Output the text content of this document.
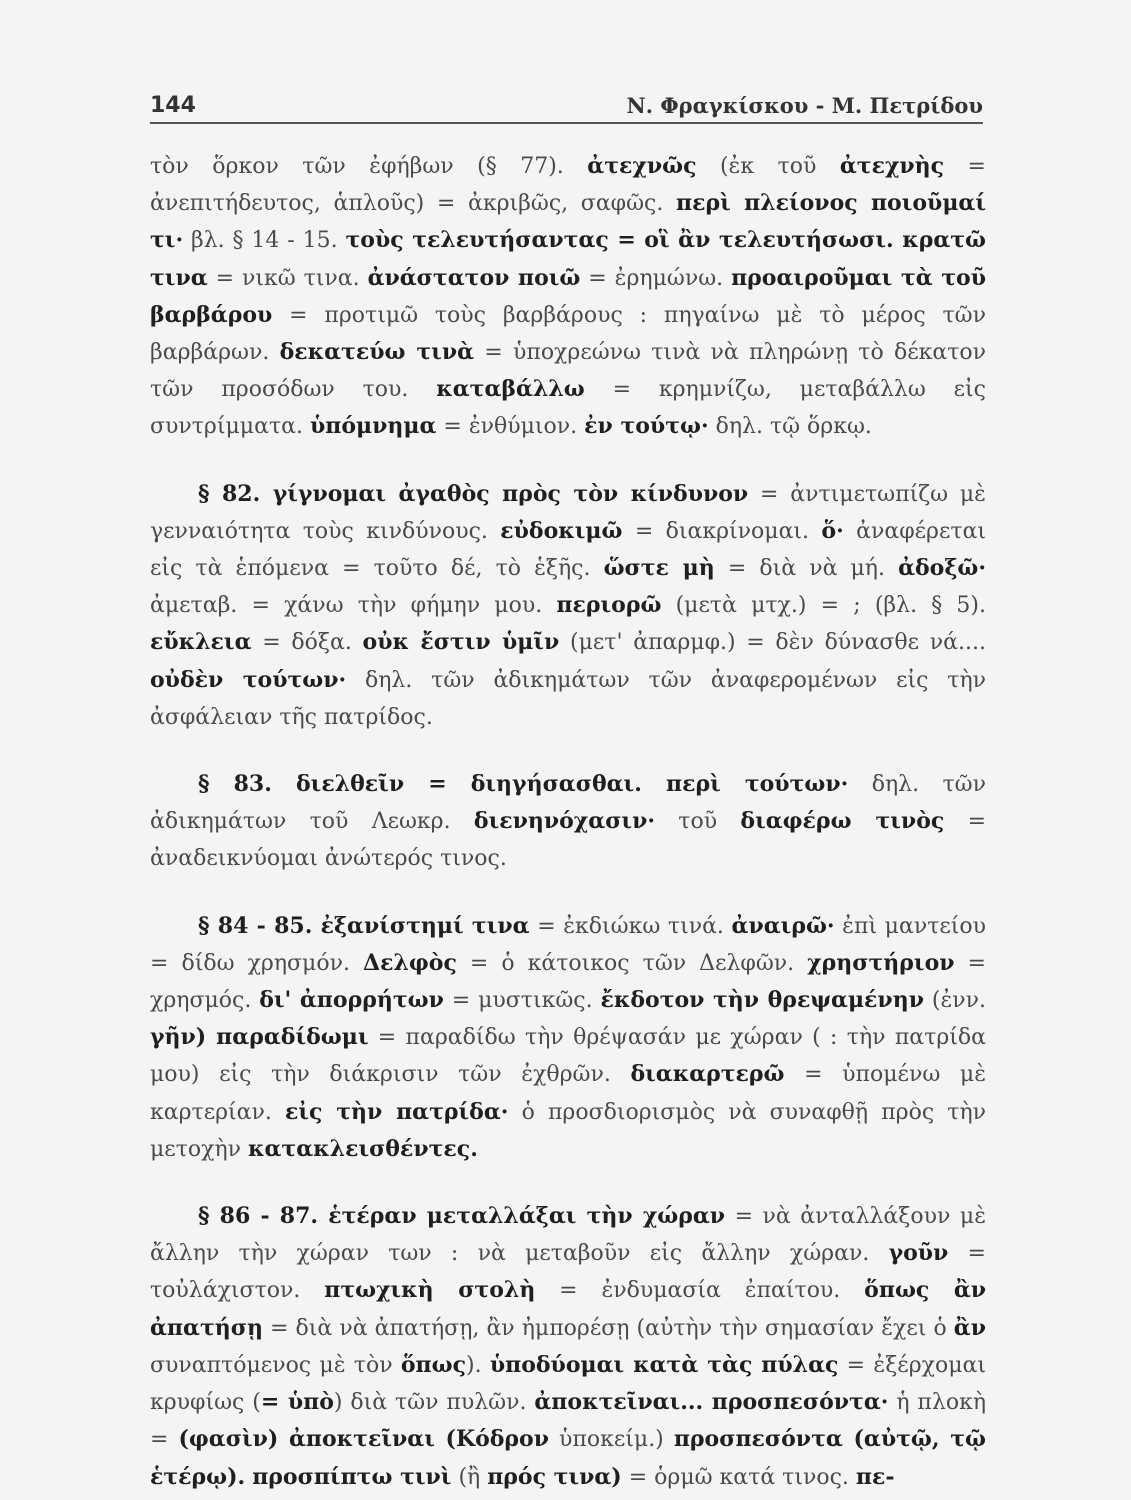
144	Ν. Φραγκίσκου - Μ. Πετρίδου

τὸν ὅρκον τῶν ἐφήβων (§ 77). ἀτεχνῶς (ἐκ τοῦ ἀτεχνὴς = ἀνεπιτήδευτος, ἁπλοῦς) = ἀκριβῶς, σαφῶς. περὶ πλείονος ποιοῦμαί τι· βλ. § 14 - 15. τοὺς τελευτήσαντας = οἳ ἂν τελευτήσωσι. κρατῶ τινα = νικῶ τινα. ἀνάστατον ποιῶ = ἐρημώνω. προαιροῦμαι τὰ τοῦ βαρβάρου = προτιμῶ τοὺς βαρβάρους : πηγαίνω μὲ τὸ μέρος τῶν βαρβάρων. δεκατεύω τινὰ = ὑποχρεώνω τινὰ νὰ πληρώνῃ τὸ δέκατον τῶν προσόδων του. καταβάλλω = κρημνίζω, μεταβάλλω εἰς συντρίμματα. ὑπόμνημα = ἐνθύμιον. ἐν τούτῳ· δηλ. τῷ ὅρκῳ.

§ 82. γίγνομαι ἀγαθὸς πρὸς τὸν κίνδυνον = ἀντιμετωπίζω μὲ γενναιότητα τοὺς κινδύνους. εὐδοκιμῶ = διακρίνομαι. ὅ· ἀναφέρεται εἰς τὰ ἑπόμενα = τοῦτο δέ, τὸ ἑξῆς. ὥστε μὴ = διὰ νὰ μή. ἀδοξῶ· ἀμεταβ. = χάνω τὴν φήμην μου. περιορῶ (μετὰ μτχ.) = ; (βλ. § 5). εὔκλεια = δόξα. οὐκ ἔστιν ὑμῖν (μετ' ἀπαρμφ.) = δὲν δύνασθε νά.... οὐδὲν τούτων· δηλ. τῶν ἀδικημάτων τῶν ἀναφερομένων εἰς τὴν ἀσφάλειαν τῆς πατρίδος.

§ 83. διελθεῖν = διηγήσασθαι. περὶ τούτων· δηλ. τῶν ἀδικημάτων τοῦ Λεωκρ. διενηνόχασιν· τοῦ διαφέρω τινὸς = ἀναδεικνύομαι ἀνώτερός τινος.

§ 84 - 85. ἐξανίστημί τινα = ἐκδιώκω τινά. ἀναιρῶ· ἐπὶ μαντείου = δίδω χρησμόν. Δελφὸς = ὁ κάτοικος τῶν Δελφῶν. χρηστήριον = χρησμός. δι' ἀπορρήτων = μυστικῶς. ἔκδοτον τὴν θρεψαμένην (ἐνν. γῆν) παραδίδωμι = παραδίδω τὴν θρέψασάν με χώραν ( : τὴν πατρίδα μου) εἰς τὴν διάκρισιν τῶν ἐχθρῶν. διακαρτερῶ = ὑπομένω μὲ καρτερίαν. εἰς τὴν πατρίδα· ὁ προσδιορισμὸς νὰ συναφθῇ πρὸς τὴν μετοχὴν κατακλεισθέντες.

§ 86 - 87. ἑτέραν μεταλλάξαι τὴν χώραν = νὰ ἀνταλλάξουν μὲ ἄλλην τὴν χώραν των : νὰ μεταβοῦν εἰς ἄλλην χώραν. γοῦν = τοὐλάχιστον. πτωχικὴ στολὴ = ἐνδυμασία ἐπαίτου. ὅπως ἂν ἀπατήσῃ = διὰ νὰ ἀπατήσῃ, ἂν ἠμπορέσῃ (αὐτὴν τὴν σημασίαν ἔχει ὁ ἂν συναπτόμενος μὲ τὸν ὅπως). ὑποδύομαι κατὰ τὰς πύλας = ἐξέρχομαι κρυφίως (= ὑπὸ) διὰ τῶν πυλῶν. ἀποκτεῖναι... προσπεσόντα· ἡ πλοκὴ = (φασὶν) ἀποκτεῖναι (Κόδρον ὑποκείμ.) προσπεσόντα (αὐτῷ, τῷ ἑτέρῳ). προσπίπτω τινὶ (ἢ πρός τινα) = ὁρμῶ κατά τινος. πε-
